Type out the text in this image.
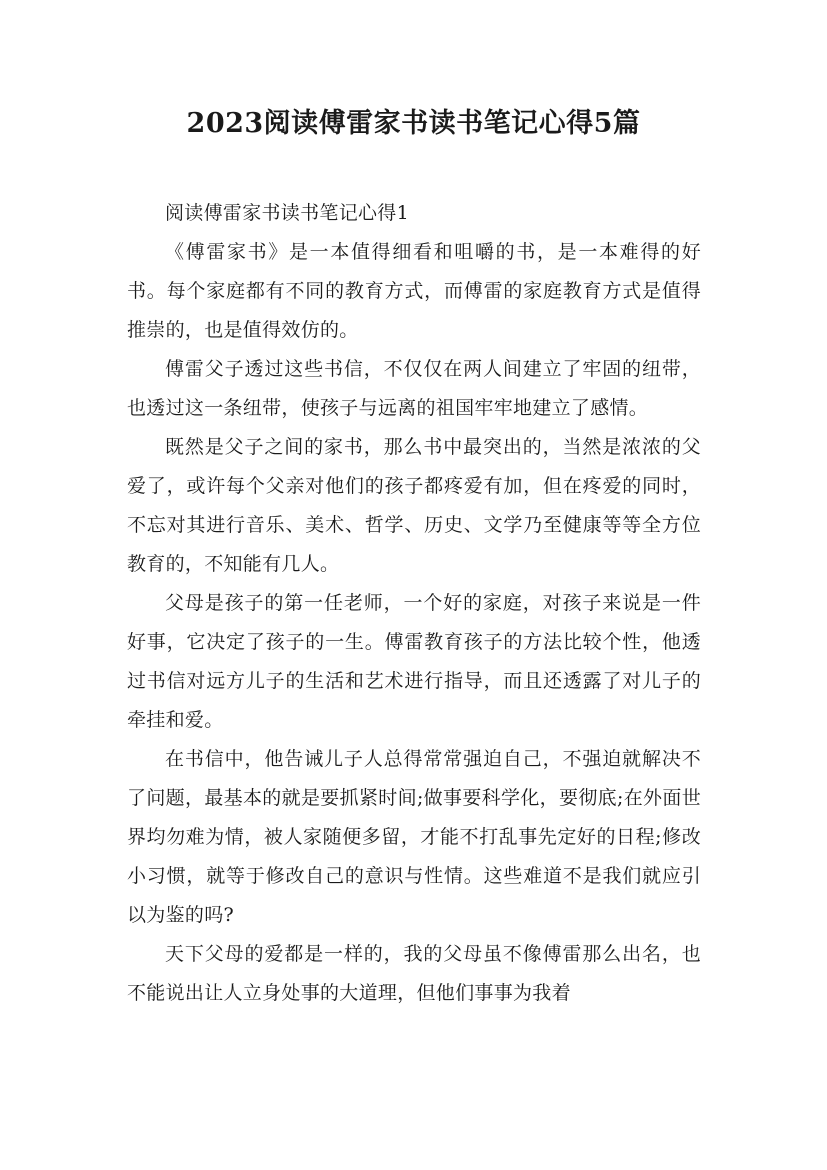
2023阅读傅雷家书读书笔记心得5篇

阅读傅雷家书读书笔记心得1

《傅雷家书》是一本值得细看和咀嚼的书，是一本难得的好书。每个家庭都有不同的教育方式，而傅雷的家庭教育方式是值得推崇的，也是值得效仿的。

傅雷父子透过这些书信，不仅仅在两人间建立了牢固的纽带，也透过这一条纽带，使孩子与远离的祖国牢牢地建立了感情。

既然是父子之间的家书，那么书中最突出的，当然是浓浓的父爱了，或许每个父亲对他们的孩子都疼爱有加，但在疼爱的同时，不忘对其进行音乐、美术、哲学、历史、文学乃至健康等等全方位教育的，不知能有几人。

父母是孩子的第一任老师，一个好的家庭，对孩子来说是一件好事，它决定了孩子的一生。傅雷教育孩子的方法比较个性，他透过书信对远方儿子的生活和艺术进行指导，而且还透露了对儿子的牵挂和爱。

在书信中，他告诫儿子人总得常常强迫自己，不强迫就解决不了问题，最基本的就是要抓紧时间;做事要科学化，要彻底;在外面世界均勿难为情，被人家随便多留，才能不打乱事先定好的日程;修改小习惯，就等于修改自己的意识与性情。这些难道不是我们就应引以为鉴的吗?

天下父母的爱都是一样的，我的父母虽不像傅雷那么出名，也不能说出让人立身处事的大道理，但他们事事为我着
